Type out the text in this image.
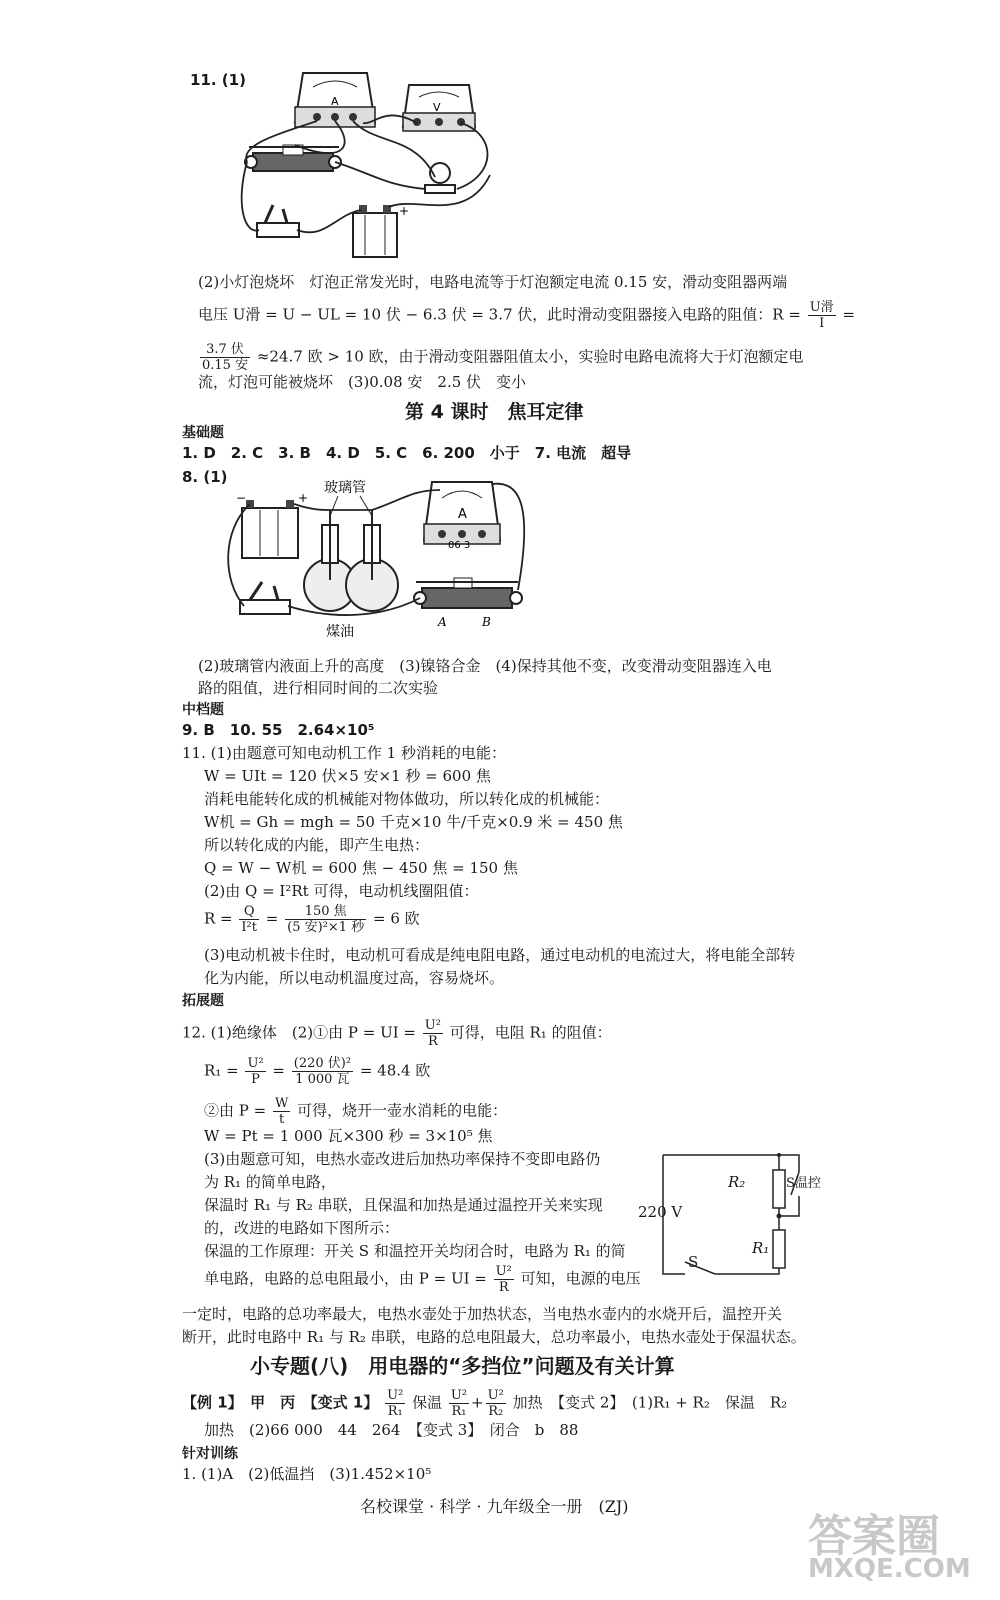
11. (1)
A	V
+
(2)小灯泡烧坏　灯泡正常发光时，电路电流等于灯泡额定电流 0.15 安，滑动变阻器两端
电压 U滑 = U − UL = 10 伏 − 6.3 伏 = 3.7 伏，此时滑动变阻器接入电路的阻值：$R = \frac{\text{U滑}}{I}$ =
$\frac{\text{3.7 伏}}{\text{0.15 安}} \approx 24.7$ 欧 > 10 欧，由于滑动变阻器阻值太小，实验时电路电流将大于灯泡额定电
流，灯泡可能被烧坏　(3)0.08 安　2.5 伏　变小
第 4 课时　焦耳定律
基础题
1. D　2. C　3. B　4. D　5. C　6. 200　小于　7. 电流　超导
8. (1)
−	+
玻璃管
煤油
A
06 3
A	B
(2)玻璃管内液面上升的高度　(3)镍铬合金　(4)保持其他不变，改变滑动变阻器连入电
路的阻值，进行相同时间的二次实验
中档题
9. B　10. 55　2.64×10⁵
11. (1)由题意可知电动机工作 1 秒消耗的电能：
W = UIt = 120 伏×5 安×1 秒 = 600 焦
消耗电能转化成的机械能对物体做功，所以转化成的机械能：
W机 = Gh = mgh = 50 千克×10 牛/千克×0.9 米 = 450 焦
所以转化成的内能，即产生电热：
Q = W − W机 = 600 焦 − 450 焦 = 150 焦
(2)由 Q = I²Rt 可得，电动机线圈阻值：
$R = \frac{Q}{\text{I²t}} = \frac{\text{150 焦}}{\text{(5 安)²×1 秒}} = 6$ 欧
(3)电动机被卡住时，电动机可看成是纯电阻电路，通过电动机的电流过大，将电能全部转
化为内能，所以电动机温度过高，容易烧坏。
拓展题
12. (1)绝缘体　(2)①由 P = UI = $\frac{\text{U²}}{R}$ 可得，电阻 R₁ 的阻值：
$R_1 = \frac{\text{U²}}{P} = \frac{\text{(220 伏)²}}{\text{1 000 瓦}} = 48.4$ 欧
②由 $P = \frac{W}{t}$ 可得，烧开一壶水消耗的电能：
W = Pt = 1 000 瓦×300 秒 = 3×10⁵ 焦
(3)由题意可知，电热水壶改进后加热功率保持不变即电路仍
为 R₁ 的简单电路，
保温时 R₁ 与 R₂ 串联，且保温和加热是通过温控开关来实现
的，改进的电路如下图所示：
保温的工作原理：开关 S 和温控开关均闭合时，电路为 R₁ 的简
单电路，电路的总电阻最小，由 P = UI = $\frac{\text{U²}}{R}$ 可知，电源的电压
220 V
R₂
R₁
S
S温控
一定时，电路的总功率最大，电热水壶处于加热状态，当电热水壶内的水烧开后，温控开关
断开，此时电路中 R₁ 与 R₂ 串联，电路的总电阻最大，总功率最小，电热水壶处于保温状态。
小专题(八)　用电器的“多挡位”问题及有关计算
【例 1】　甲　丙　【变式 1】 $\frac{\text{U²}}{\text{R₁}}$ 保温 $\frac{\text{U²}}{\text{R₁}} + \frac{\text{U²}}{\text{R₂}}$ 加热　【变式 2】　(1)R₁ + R₂　保温　R₂
加热　(2)66 000　44　264　【变式 3】　闭合　b　88
针对训练
1. (1)A　(2)低温挡　(3)1.452×10⁵
名校课堂 · 科学 · 九年级全一册　(ZJ)
答案圈
MXQE.COM
